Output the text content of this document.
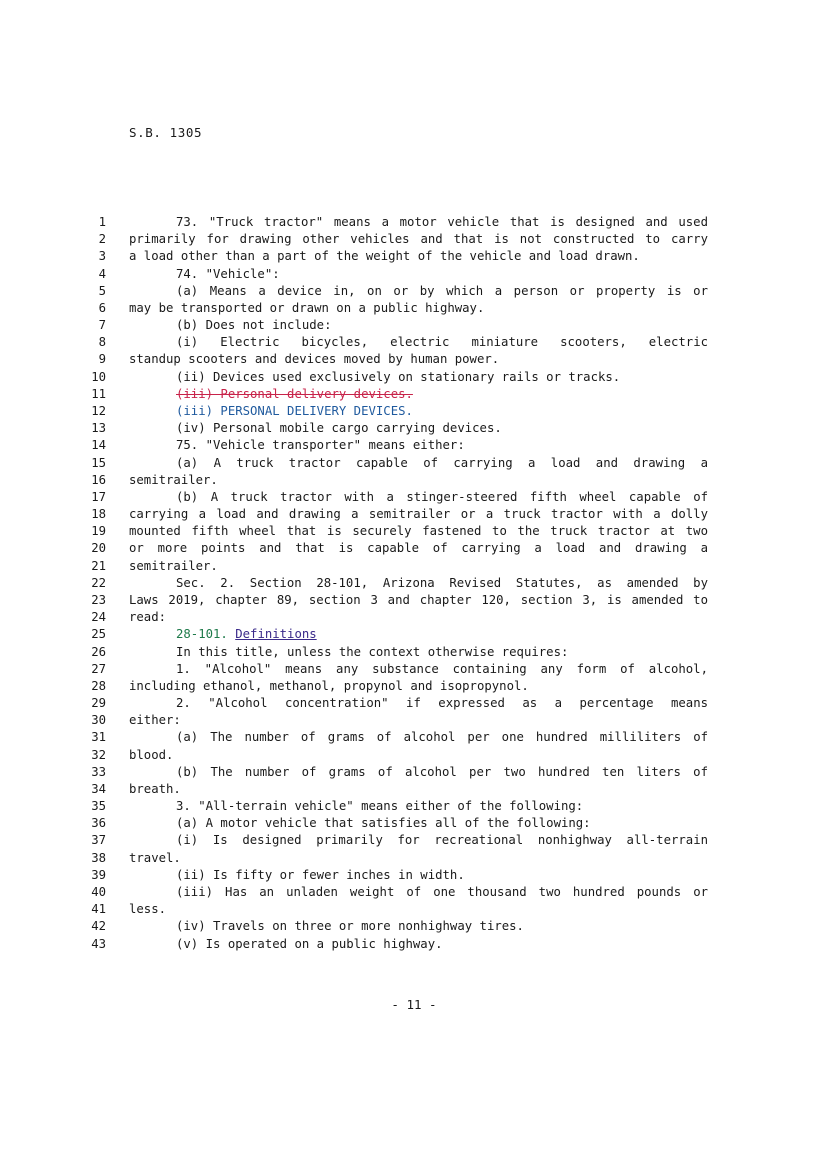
S.B. 1305
1	73. "Truck tractor" means a motor vehicle that is designed and used
2 primarily for drawing other vehicles and that is not constructed to carry
3 a load other than a part of the weight of the vehicle and load drawn.
4	74. "Vehicle":
5	(a) Means a device in, on or by which a person or property is or
6 may be transported or drawn on a public highway.
7	(b) Does not include:
8	(i) Electric bicycles, electric miniature scooters, electric
9 standup scooters and devices moved by human power.
10	(ii) Devices used exclusively on stationary rails or tracks.
11	(iii) Personal delivery devices.
12	(iii) PERSONAL DELIVERY DEVICES.
13	(iv) Personal mobile cargo carrying devices.
14	75. "Vehicle transporter" means either:
15	(a) A truck tractor capable of carrying a load and drawing a
16 semitrailer.
17	(b) A truck tractor with a stinger-steered fifth wheel capable of
18 carrying a load and drawing a semitrailer or a truck tractor with a dolly
19 mounted fifth wheel that is securely fastened to the truck tractor at two
20 or more points and that is capable of carrying a load and drawing a
21 semitrailer.
22	Sec. 2. Section 28-101, Arizona Revised Statutes, as amended by
23 Laws 2019, chapter 89, section 3 and chapter 120, section 3, is amended to
24 read:
25	28-101. Definitions
26	In this title, unless the context otherwise requires:
27	1. "Alcohol" means any substance containing any form of alcohol,
28 including ethanol, methanol, propynol and isopropynol.
29	2. "Alcohol concentration" if expressed as a percentage means
30 either:
31	(a) The number of grams of alcohol per one hundred milliliters of
32 blood.
33	(b) The number of grams of alcohol per two hundred ten liters of
34 breath.
35	3. "All-terrain vehicle" means either of the following:
36	(a) A motor vehicle that satisfies all of the following:
37	(i) Is designed primarily for recreational nonhighway all-terrain
38 travel.
39	(ii) Is fifty or fewer inches in width.
40	(iii) Has an unladen weight of one thousand two hundred pounds or
41 less.
42	(iv) Travels on three or more nonhighway tires.
43	(v) Is operated on a public highway.
- 11 -
